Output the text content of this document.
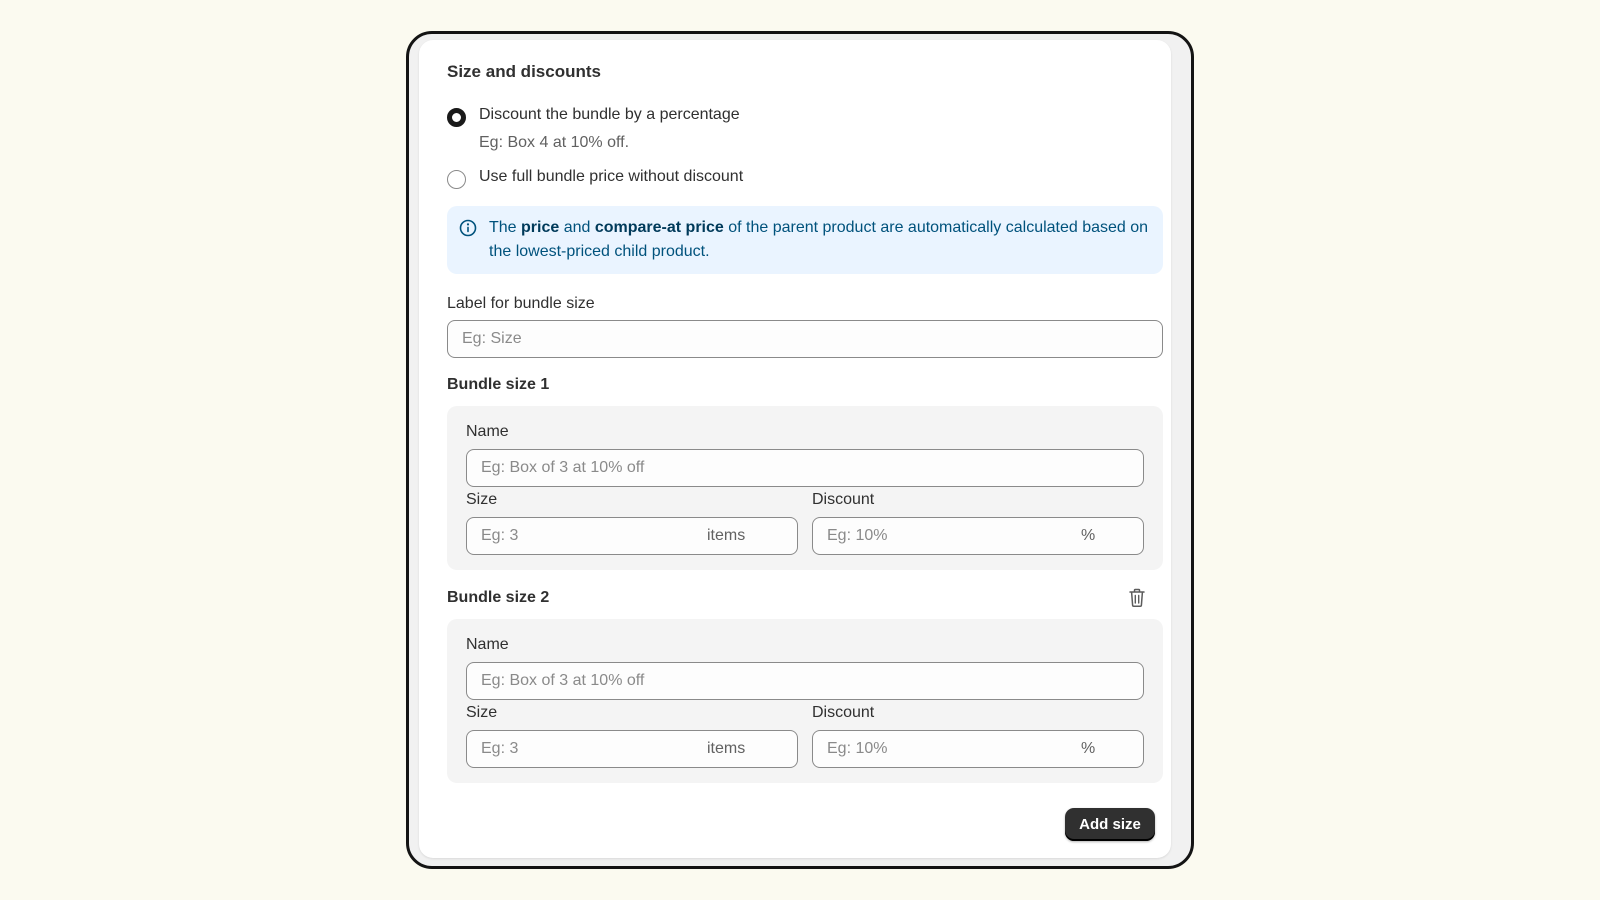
Size and discounts
Discount the bundle by a percentage
Eg: Box 4 at 10% off.
Use full bundle price without discount
The price and compare-at price of the parent product are automatically calculated based on the lowest-priced child product.
Label for bundle size
Eg: Size
Bundle size 1
Name
Eg: Box of 3 at 10% off
Size
Eg: 3	items
Discount
Eg: 10%	%
Bundle size 2
Name
Eg: Box of 3 at 10% off
Size
Eg: 3	items
Discount
Eg: 10%	%
Add size
